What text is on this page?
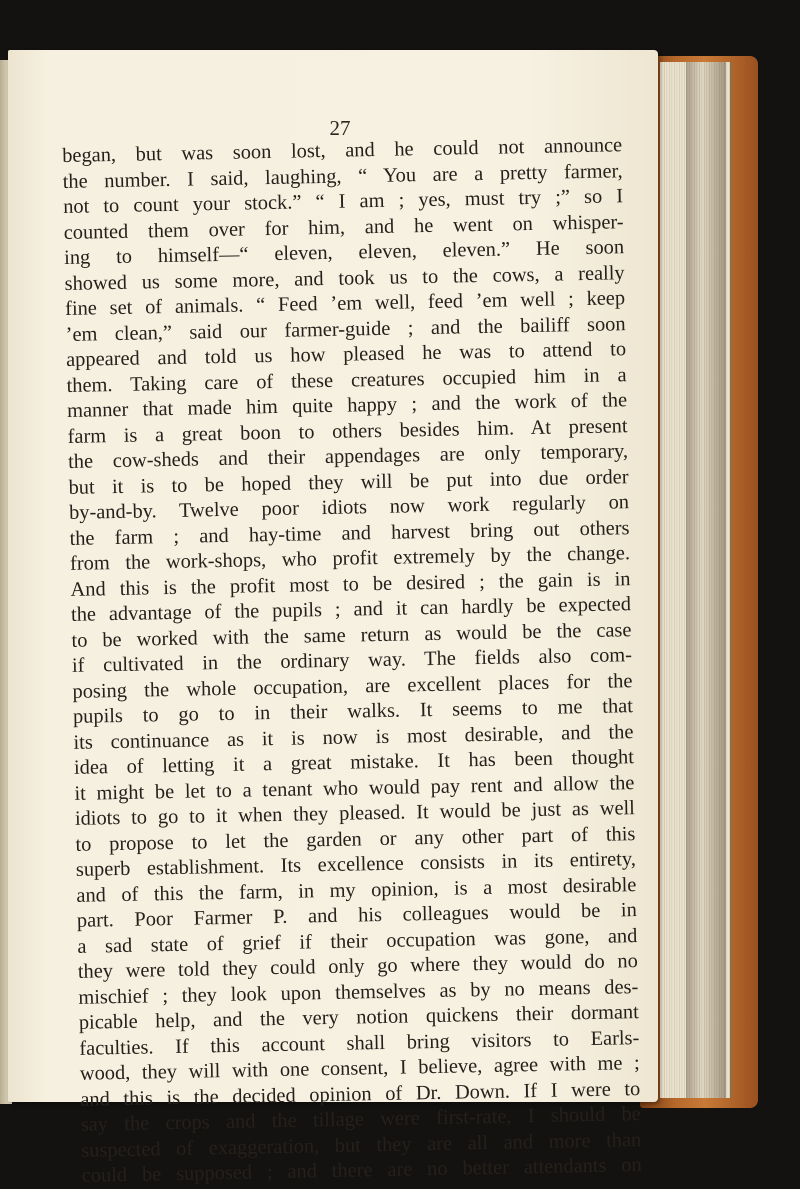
27
began, but was soon lost, and he could not announce
the number. I said, laughing, “ You are a pretty farmer,
not to count your stock.” “ I am ; yes, must try ;” so I
counted them over for him, and he went on whisper-
ing to himself—“ eleven, eleven, eleven.” He soon
showed us some more, and took us to the cows, a really
fine set of animals. “ Feed ’em well, feed ’em well ; keep
’em clean,” said our farmer-guide ; and the bailiff soon
appeared and told us how pleased he was to attend to
them. Taking care of these creatures occupied him in a
manner that made him quite happy ; and the work of the
farm is a great boon to others besides him. At present
the cow-sheds and their appendages are only temporary,
but it is to be hoped they will be put into due order
by-and-by. Twelve poor idiots now work regularly on
the farm ; and hay-time and harvest bring out others
from the work-shops, who profit extremely by the change.
And this is the profit most to be desired ; the gain is in
the advantage of the pupils ; and it can hardly be expected
to be worked with the same return as would be the case
if cultivated in the ordinary way. The fields also com-
posing the whole occupation, are excellent places for the
pupils to go to in their walks. It seems to me that
its continuance as it is now is most desirable, and the
idea of letting it a great mistake. It has been thought
it might be let to a tenant who would pay rent and allow the
idiots to go to it when they pleased. It would be just as well
to propose to let the garden or any other part of this
superb establishment. Its excellence consists in its entirety,
and of this the farm, in my opinion, is a most desirable
part. Poor Farmer P. and his colleagues would be in
a sad state of grief if their occupation was gone, and
they were told they could only go where they would do no
mischief ; they look upon themselves as by no means des-
picable help, and the very notion quickens their dormant
faculties. If this account shall bring visitors to Earls-
wood, they will with one consent, I believe, agree with me ;
and this is the decided opinion of Dr. Down. If I were to
say the crops and the tillage were first-rate, I should be
suspected of exaggeration, but they are all and more than
could be supposed ; and there are no better attendants on
